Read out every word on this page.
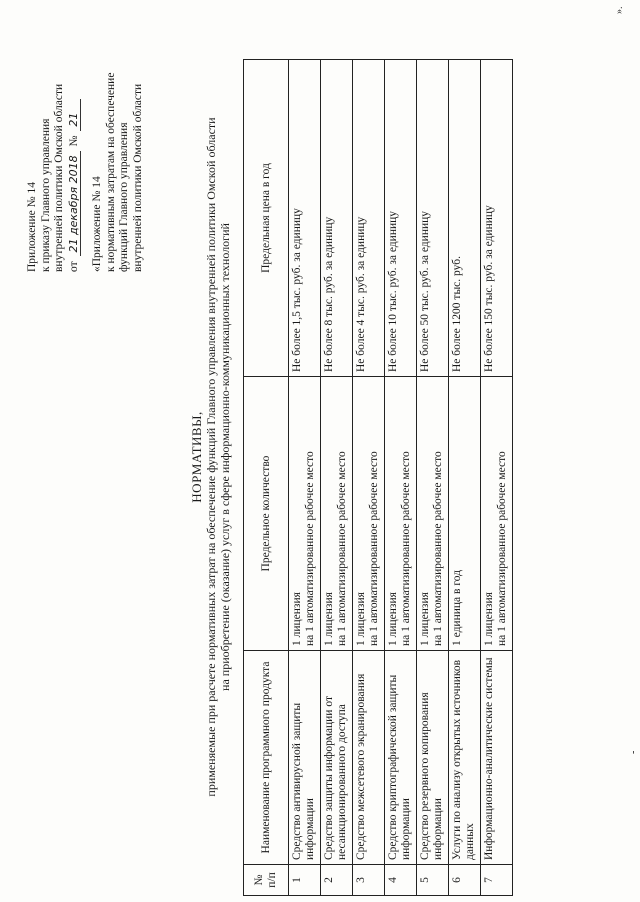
Приложение № 14 к приказу Главного управления внутренней политики Омской области от 21 декабря 2018 № 21
«Приложение № 14 к нормативным затратам на обеспечение функций Главного управления внутренней политики Омской области
НОРМАТИВЫ, применяемые при расчете нормативных затрат на обеспечение функций Главного управления внутренней политики Омской области на приобретение (оказание) услуг в сфере информационно-коммуникационных технологий
№ п/п	Наименование программного продукта	Предельное количество	Предельная цена в год
1	Средство антивирусной защиты информации	1 лицензия на 1 автоматизированное рабочее место	Не более 1,5 тыс. руб. за единицу
2	Средство защиты информации от несанкционированного доступа	1 лицензия на 1 автоматизированное рабочее место	Не более 8 тыс. руб. за единицу
3	Средство межсетевого экранирования	1 лицензия на 1 автоматизированное рабочее место	Не более 4 тыс. руб. за единицу
4	Средство криптографической защиты информации	1 лицензия на 1 автоматизированное рабочее место	Не более 10 тыс. руб. за единицу
5	Средство резервного копирования информации	1 лицензия на 1 автоматизированное рабочее место	Не более 50 тыс. руб. за единицу
6	Услуги по анализу открытых источников данных	1 единица в год	Не более 1200 тыс. руб.
7	Информационно-аналитические системы	1 лицензия на 1 автоматизированное рабочее место	Не более 150 тыс. руб. за единицу
».
-
